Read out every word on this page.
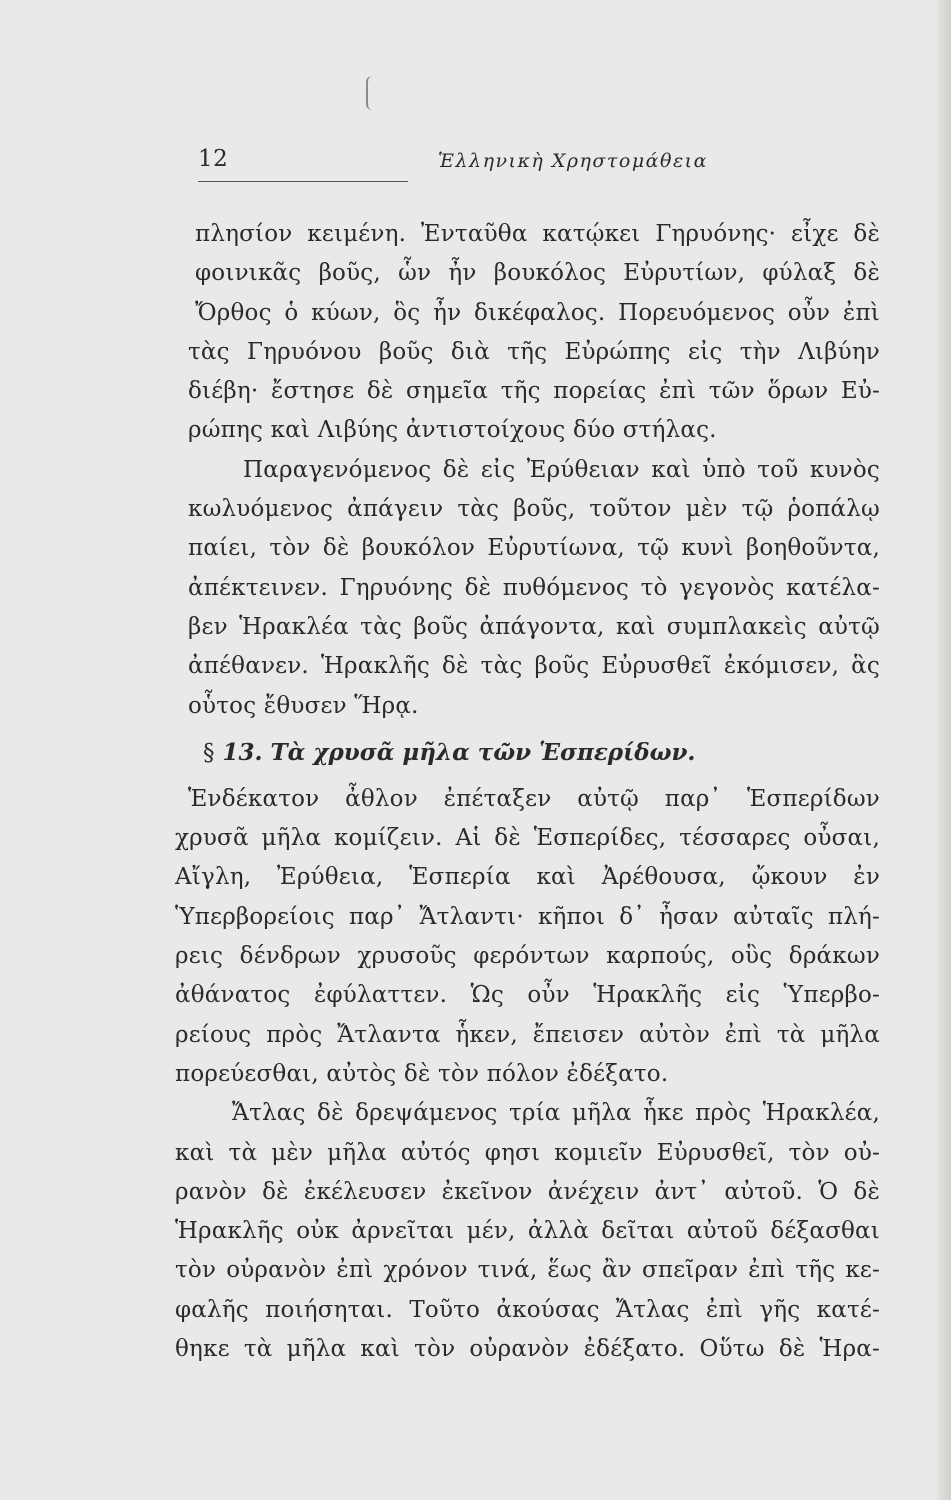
12	Ἑλληνικὴ Χρηστομάθεια
πλησίον κειμένη. Ἐνταῦθα κατῴκει Γηρυόνης· εἶχε δὲ
φοινικᾶς βοῦς, ὧν ἦν βουκόλος Εὐρυτίων, φύλαξ δὲ
Ὄρθος ὁ κύων, ὃς ἦν δικέφαλος. Πορευόμενος οὖν ἐπὶ
τὰς Γηρυόνου βοῦς διὰ τῆς Εὐρώπης εἰς τὴν Λιβύην
διέβη· ἔστησε δὲ σημεῖα τῆς πορείας ἐπὶ τῶν ὅρων Εὐ-
ρώπης καὶ Λιβύης ἀντιστοίχους δύο στήλας.
Παραγενόμενος δὲ εἰς Ἐρύθειαν καὶ ὑπὸ τοῦ κυνὸς
κωλυόμενος ἀπάγειν τὰς βοῦς, τοῦτον μὲν τῷ ῥοπάλῳ
παίει, τὸν δὲ βουκόλον Εὐρυτίωνα, τῷ κυνὶ βοηθοῦντα,
ἀπέκτεινεν. Γηρυόνης δὲ πυθόμενος τὸ γεγονὸς κατέλα-
βεν Ἡρακλέα τὰς βοῦς ἀπάγοντα, καὶ συμπλακεὶς αὐτῷ
ἀπέθανεν. Ἡρακλῆς δὲ τὰς βοῦς Εὐρυσθεῖ ἐκόμισεν, ἃς
οὗτος ἔθυσεν Ἥρᾳ.
§ 13. Τὰ χρυσᾶ μῆλα τῶν Ἑσπερίδων.
Ἑνδέκατον ἆθλον ἐπέταξεν αὐτῷ παρ᾽ Ἑσπερίδων
χρυσᾶ μῆλα κομίζειν. Αἱ δὲ Ἑσπερίδες, τέσσαρες οὖσαι,
Αἴγλη, Ἐρύθεια, Ἑσπερία καὶ Ἀρέθουσα, ᾤκουν ἐν
Ὑπερβορείοις παρ᾽ Ἄτλαντι· κῆποι δ᾽ ἦσαν αὐταῖς πλή-
ρεις δένδρων χρυσοῦς φερόντων καρπούς, οὓς δράκων
ἀθάνατος ἐφύλαττεν. Ὡς οὖν Ἡρακλῆς εἰς Ὑπερβο-
ρείους πρὸς Ἄτλαντα ἧκεν, ἔπεισεν αὐτὸν ἐπὶ τὰ μῆλα
πορεύεσθαι, αὐτὸς δὲ τὸν πόλον ἐδέξατο.
Ἄτλας δὲ δρεψάμενος τρία μῆλα ἧκε πρὸς Ἡρακλέα,
καὶ τὰ μὲν μῆλα αὐτός φησι κομιεῖν Εὐρυσθεῖ, τὸν οὐ-
ρανὸν δὲ ἐκέλευσεν ἐκεῖνον ἀνέχειν ἀντ᾽ αὐτοῦ. Ὁ δὲ
Ἡρακλῆς οὐκ ἀρνεῖται μέν, ἀλλὰ δεῖται αὐτοῦ δέξασθαι
τὸν οὐρανὸν ἐπὶ χρόνον τινά, ἕως ἂν σπεῖραν ἐπὶ τῆς κε-
φαλῆς ποιήσηται. Τοῦτο ἀκούσας Ἄτλας ἐπὶ γῆς κατέ-
θηκε τὰ μῆλα καὶ τὸν οὐρανὸν ἐδέξατο. Οὕτω δὲ Ἡρα-
